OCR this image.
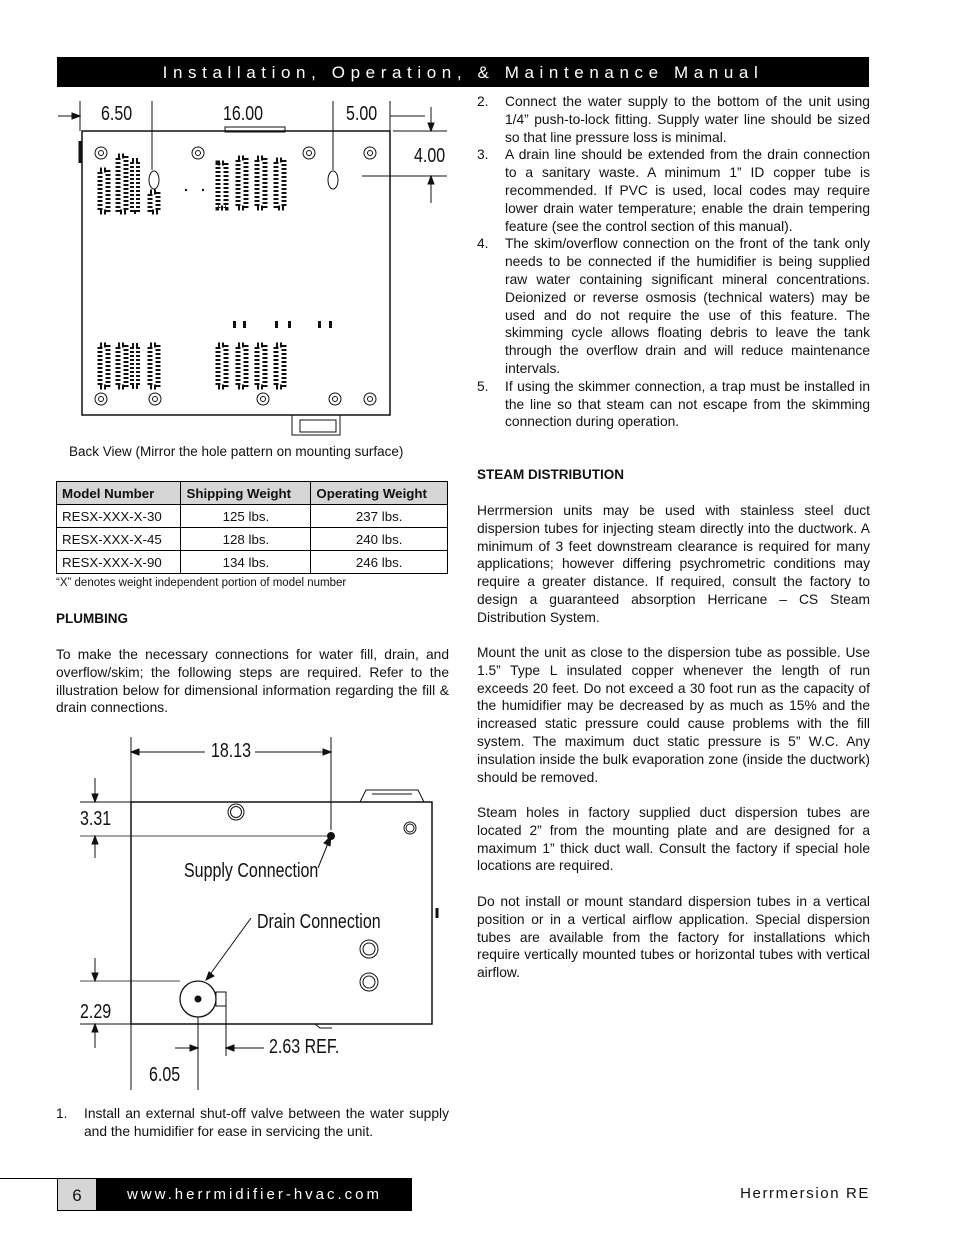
Installation, Operation, & Maintenance Manual
6.50	16.00	5.00
4.00
Back View (Mirror the hole pattern on mounting surface)
Model Number	Shipping Weight	Operating Weight
RESX-XXX-X-30	125 lbs.	237 lbs.
RESX-XXX-X-45	128 lbs.	240 lbs.
RESX-XXX-X-90	134 lbs.	246 lbs.
“X” denotes weight independent portion of model number
PLUMBING
To make the necessary connections for water fill, drain, and overflow/skim; the following steps are required. Refer to the illustration below for dimensional information regarding the fill & drain connections.
18.13
3.31
Supply Connection
Drain Connection
2.29
2.63 REF.
6.05
1. Install an external shut-off valve between the water supply and the humidifier for ease in servicing the unit.
2. Connect the water supply to the bottom of the unit using 1/4” push-to-lock fitting. Supply water line should be sized so that line pressure loss is minimal.
3. A drain line should be extended from the drain connection to a sanitary waste. A minimum 1” ID copper tube is recommended. If PVC is used, local codes may require lower drain water temperature; enable the drain tempering feature (see the control section of this manual).
4. The skim/overflow connection on the front of the tank only needs to be connected if the humidifier is being supplied raw water containing significant mineral concentrations. Deionized or reverse osmosis (technical waters) may be used and do not require the use of this feature. The skimming cycle allows floating debris to leave the tank through the overflow drain and will reduce maintenance intervals.
5. If using the skimmer connection, a trap must be installed in the line so that steam can not escape from the skimming connection during operation.
STEAM DISTRIBUTION
Herrmersion units may be used with stainless steel duct dispersion tubes for injecting steam directly into the ductwork. A minimum of 3 feet downstream clearance is required for many applications; however differing psychrometric conditions may require a greater distance. If required, consult the factory to design a guaranteed absorption Herricane – CS Steam Distribution System.
Mount the unit as close to the dispersion tube as possible. Use 1.5” Type L insulated copper whenever the length of run exceeds 20 feet. Do not exceed a 30 foot run as the capacity of the humidifier may be decreased by as much as 15% and the increased static pressure could cause problems with the fill system. The maximum duct static pressure is 5” W.C. Any insulation inside the bulk evaporation zone (inside the ductwork) should be removed.
Steam holes in factory supplied duct dispersion tubes are located 2” from the mounting plate and are designed for a maximum 1” thick duct wall. Consult the factory if special hole locations are required.
Do not install or mount standard dispersion tubes in a vertical position or in a vertical airflow application. Special dispersion tubes are available from the factory for installations which require vertically mounted tubes or horizontal tubes with vertical airflow.
6	www.herrmidifier-hvac.com	Herrmersion RE
